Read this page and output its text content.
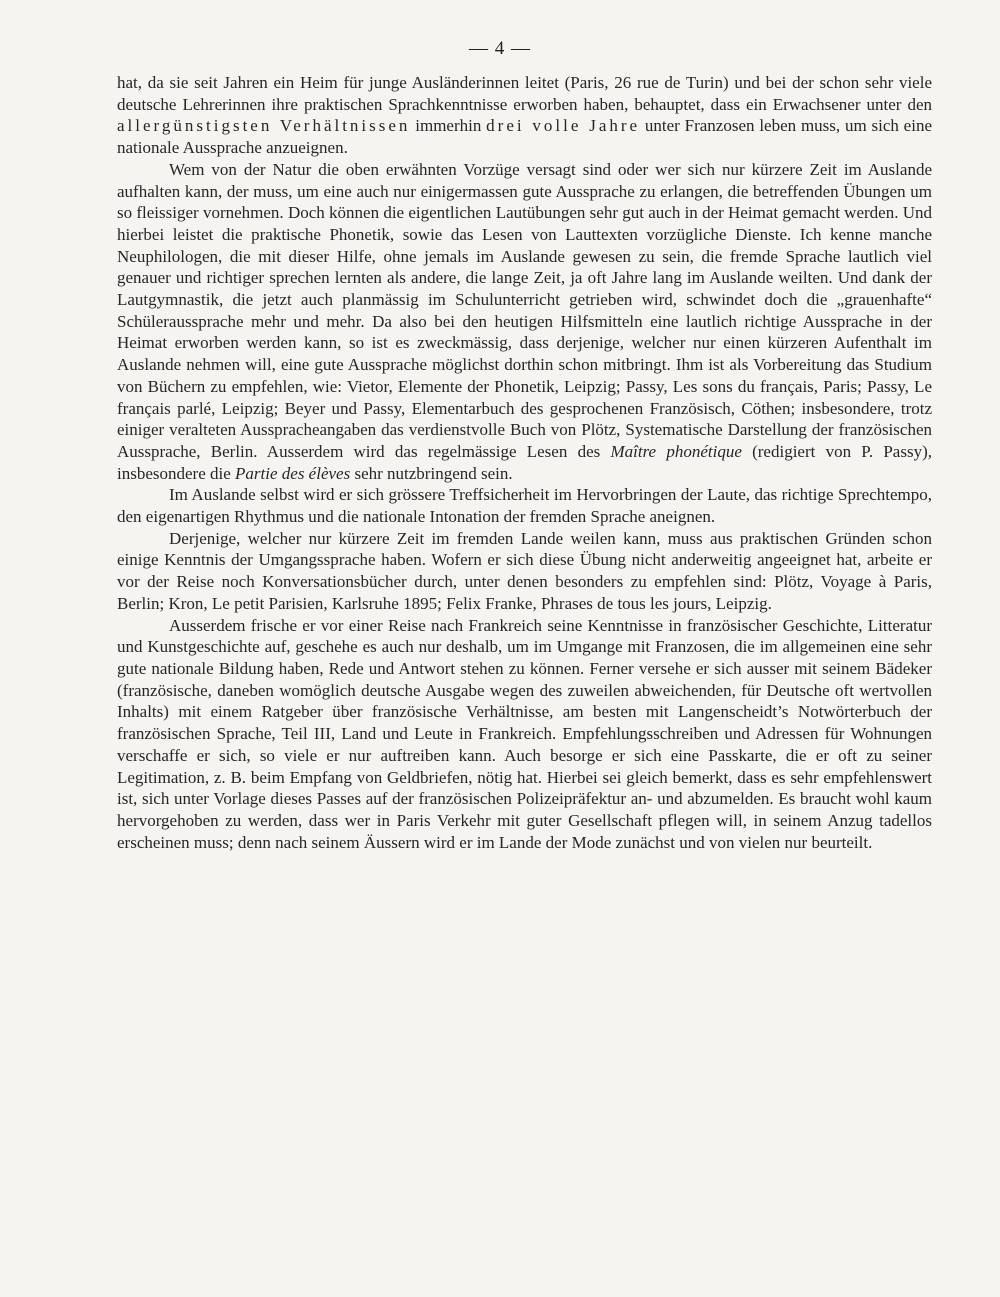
— 4 —

hat, da sie seit Jahren ein Heim für junge Ausländerinnen leitet (Paris, 26 rue de Turin) und bei der schon sehr viele deutsche Lehrerinnen ihre praktischen Sprachkenntnisse erworben haben, behauptet, dass ein Erwachsener unter den allergünstigsten Verhältnissen immerhin drei volle Jahre unter Franzosen leben muss, um sich eine nationale Aussprache anzueignen.

Wem von der Natur die oben erwähnten Vorzüge versagt sind oder wer sich nur kürzere Zeit im Auslande aufhalten kann, der muss, um eine auch nur einigermassen gute Aussprache zu erlangen, die betreffenden Übungen um so fleissiger vornehmen. Doch können die eigentlichen Lautübungen sehr gut auch in der Heimat gemacht werden. Und hierbei leistet die praktische Phonetik, sowie das Lesen von Lauttexten vorzügliche Dienste. Ich kenne manche Neuphilologen, die mit dieser Hilfe, ohne jemals im Auslande gewesen zu sein, die fremde Sprache lautlich viel genauer und richtiger sprechen lernten als andere, die lange Zeit, ja oft Jahre lang im Auslande weilten. Und dank der Lautgymnastik, die jetzt auch planmässig im Schulunterricht getrieben wird, schwindet doch die „grauenhafte“ Schüleraussprache mehr und mehr. Da also bei den heutigen Hilfsmitteln eine lautlich richtige Aussprache in der Heimat erworben werden kann, so ist es zweckmässig, dass derjenige, welcher nur einen kürzeren Aufenthalt im Auslande nehmen will, eine gute Aussprache möglichst dorthin schon mitbringt. Ihm ist als Vorbereitung das Studium von Büchern zu empfehlen, wie: Vietor, Elemente der Phonetik, Leipzig; Passy, Les sons du français, Paris; Passy, Le français parlé, Leipzig; Beyer und Passy, Elementarbuch des gesprochenen Französisch, Cöthen; insbesondere, trotz einiger veralteten Ausspracheangaben das verdienstvolle Buch von Plötz, Systematische Darstellung der französischen Aussprache, Berlin. Ausserdem wird das regelmässige Lesen des Maître phonétique (redigiert von P. Passy), insbesondere die Partie des élèves sehr nutzbringend sein.

Im Auslande selbst wird er sich grössere Treffsicherheit im Hervorbringen der Laute, das richtige Sprechtempo, den eigenartigen Rhythmus und die nationale Intonation der fremden Sprache aneignen.

Derjenige, welcher nur kürzere Zeit im fremden Lande weilen kann, muss aus praktischen Gründen schon einige Kenntnis der Umgangssprache haben. Wofern er sich diese Übung nicht anderweitig angeeignet hat, arbeite er vor der Reise noch Konversationsbücher durch, unter denen besonders zu empfehlen sind: Plötz, Voyage à Paris, Berlin; Kron, Le petit Parisien, Karlsruhe 1895; Felix Franke, Phrases de tous les jours, Leipzig.

Ausserdem frische er vor einer Reise nach Frankreich seine Kenntnisse in französischer Geschichte, Litteratur und Kunstgeschichte auf, geschehe es auch nur deshalb, um im Umgange mit Franzosen, die im allgemeinen eine sehr gute nationale Bildung haben, Rede und Antwort stehen zu können. Ferner versehe er sich ausser mit seinem Bädeker (französische, daneben womöglich deutsche Ausgabe wegen des zuweilen abweichenden, für Deutsche oft wertvollen Inhalts) mit einem Ratgeber über französische Verhältnisse, am besten mit Langenscheidt’s Notwörterbuch der französischen Sprache, Teil III, Land und Leute in Frankreich. Empfehlungsschreiben und Adressen für Wohnungen verschaffe er sich, so viele er nur auftreiben kann. Auch besorge er sich eine Passkarte, die er oft zu seiner Legitimation, z. B. beim Empfang von Geldbriefen, nötig hat. Hierbei sei gleich bemerkt, dass es sehr empfehlenswert ist, sich unter Vorlage dieses Passes auf der französischen Polizeipräfektur an- und abzumelden. Es braucht wohl kaum hervorgehoben zu werden, dass wer in Paris Verkehr mit guter Gesellschaft pflegen will, in seinem Anzug tadellos erscheinen muss; denn nach seinem Äussern wird er im Lande der Mode zunächst und von vielen nur beurteilt.
